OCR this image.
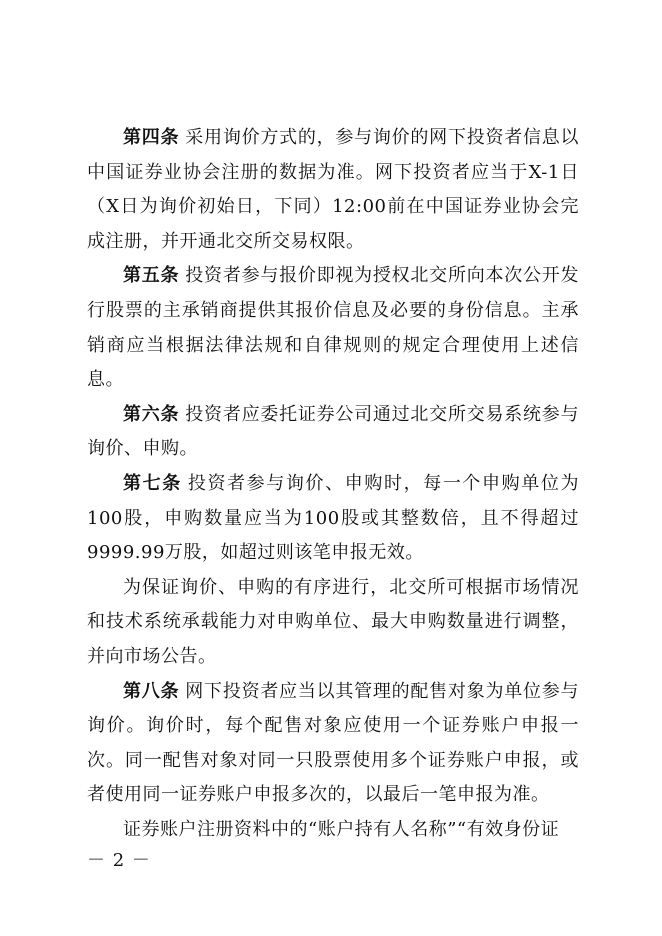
第四条 采用询价方式的，参与询价的网下投资者信息以中国证券业协会注册的数据为准。网下投资者应当于X-1日（X日为询价初始日，下同）12:00前在中国证券业协会完成注册，并开通北交所交易权限。

第五条 投资者参与报价即视为授权北交所向本次公开发行股票的主承销商提供其报价信息及必要的身份信息。主承销商应当根据法律法规和自律规则的规定合理使用上述信息。

第六条 投资者应委托证券公司通过北交所交易系统参与询价、申购。

第七条 投资者参与询价、申购时，每一个申购单位为100股，申购数量应当为100股或其整数倍，且不得超过9999.99万股，如超过则该笔申报无效。

为保证询价、申购的有序进行，北交所可根据市场情况和技术系统承载能力对申购单位、最大申购数量进行调整，并向市场公告。

第八条 网下投资者应当以其管理的配售对象为单位参与询价。询价时，每个配售对象应使用一个证券账户申报一次。同一配售对象对同一只股票使用多个证券账户申报，或者使用同一证券账户申报多次的，以最后一笔申报为准。

证券账户注册资料中的“账户持有人名称”“有效身份证

－ 2 －
